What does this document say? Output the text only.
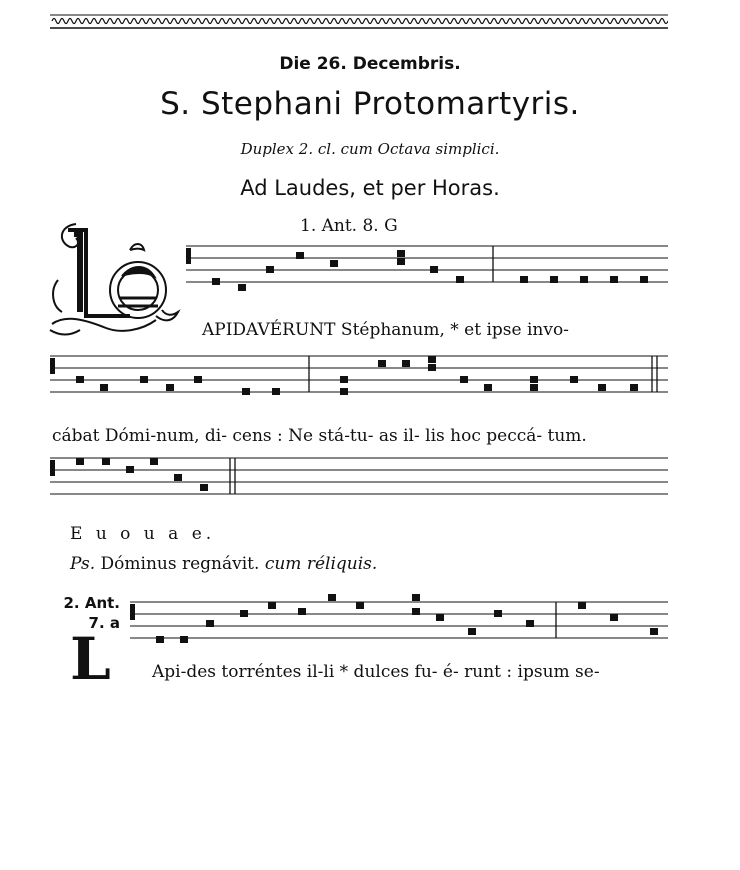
Die 26. Decembris.
S. Stephani Protomartyris.
Duplex 2. cl. cum Octava simplici.
Ad Laudes, et per Horas.
1. Ant. 8. G
APIDAVÉRUNT Stéphanum, * et ipse invo-
cábat Dómi-num, di- cens : Ne stá-tu- as il- lis hoc peccá- tum.
E u o u a e.
Ps. Dóminus regnávit. cum réliquis.
2. Ant.
7. a
L Api-des torréntes il-li * dulces fu- é- runt : ipsum se-
